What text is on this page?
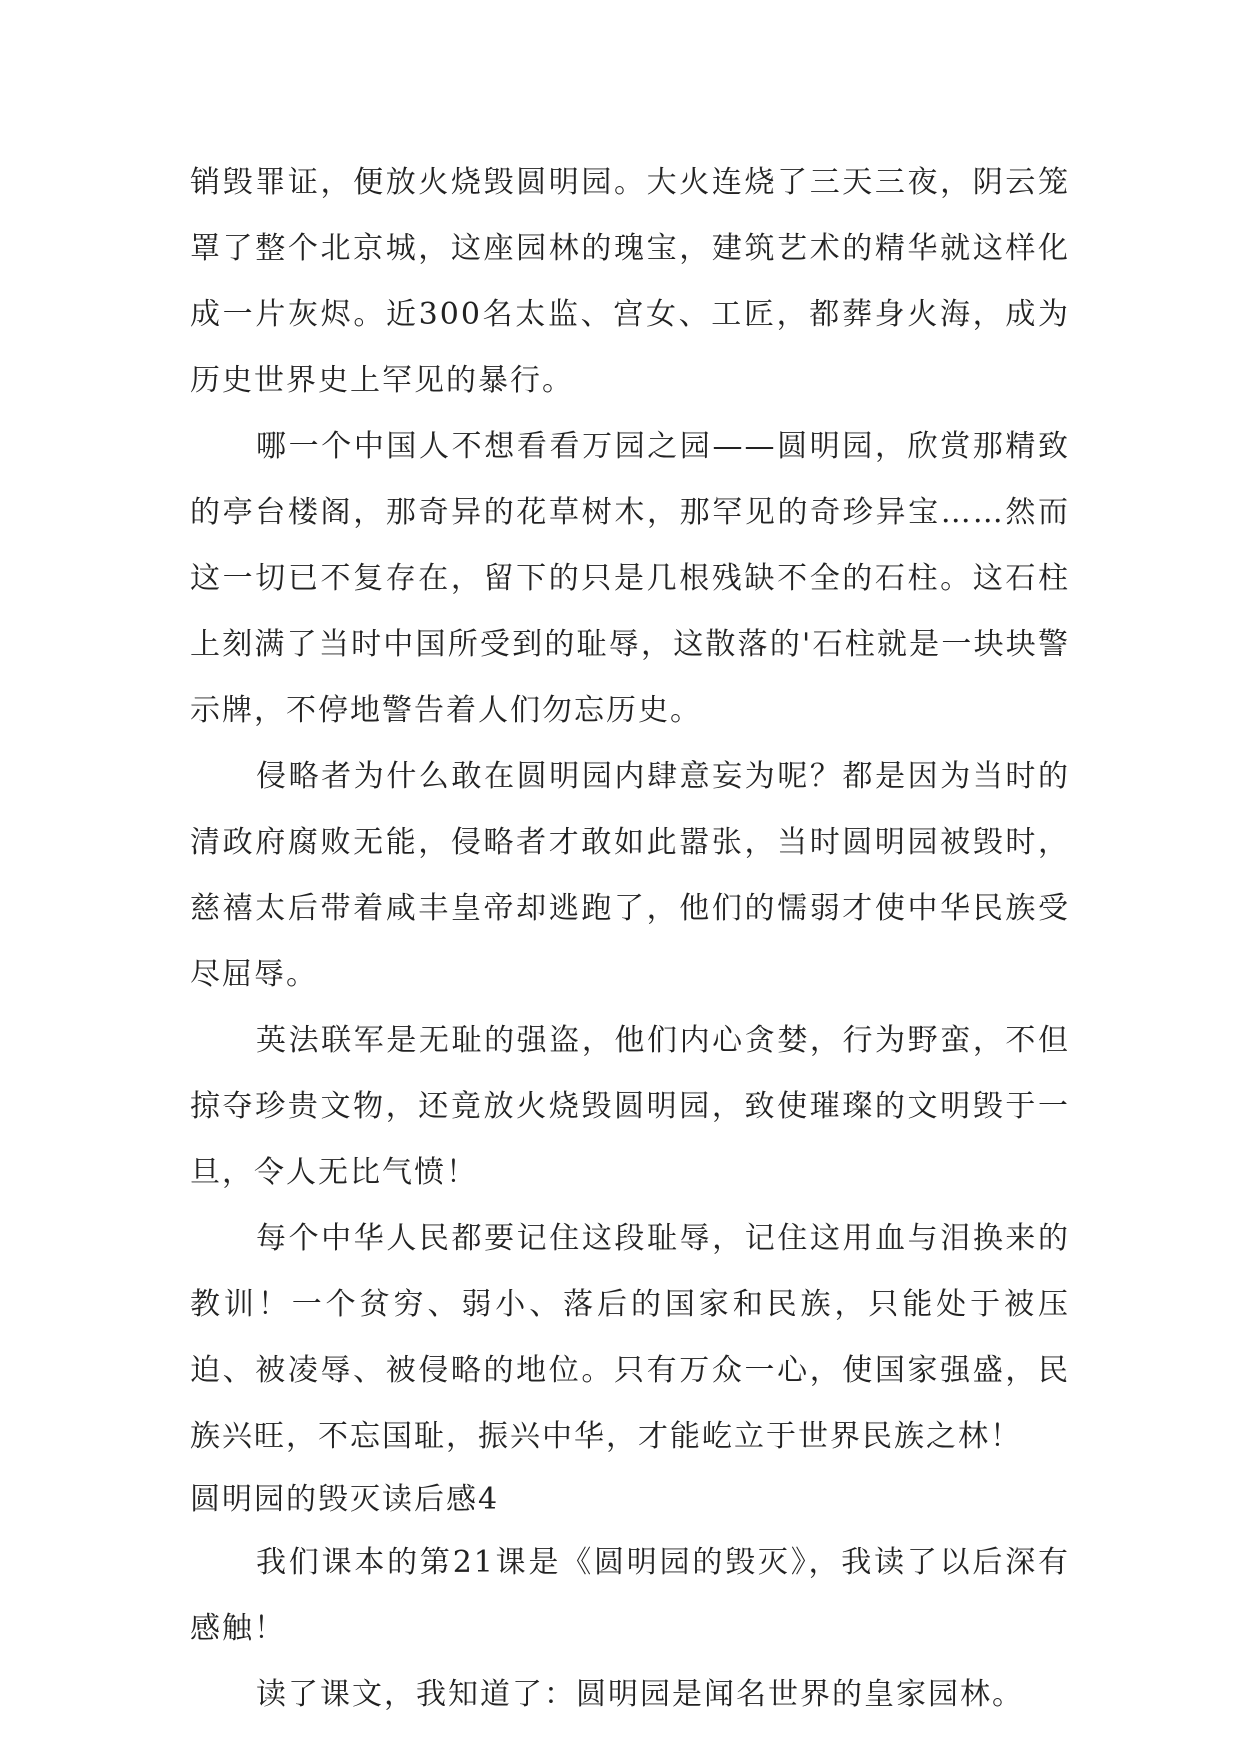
销毁罪证，便放火烧毁圆明园。大火连烧了三天三夜，阴云笼罩了整个北京城，这座园林的瑰宝，建筑艺术的精华就这样化成一片灰烬。近300名太监、宫女、工匠，都葬身火海，成为历史世界史上罕见的暴行。

哪一个中国人不想看看万园之园——圆明园，欣赏那精致的亭台楼阁，那奇异的花草树木，那罕见的奇珍异宝……然而这一切已不复存在，留下的只是几根残缺不全的石柱。这石柱上刻满了当时中国所受到的耻辱，这散落的'石柱就是一块块警示牌，不停地警告着人们勿忘历史。

侵略者为什么敢在圆明园内肆意妄为呢？都是因为当时的清政府腐败无能，侵略者才敢如此嚣张，当时圆明园被毁时，慈禧太后带着咸丰皇帝却逃跑了，他们的懦弱才使中华民族受尽屈辱。

英法联军是无耻的强盗，他们内心贪婪，行为野蛮，不但掠夺珍贵文物，还竟放火烧毁圆明园，致使璀璨的文明毁于一旦，令人无比气愤！

每个中华人民都要记住这段耻辱，记住这用血与泪换来的教训！一个贫穷、弱小、落后的国家和民族，只能处于被压迫、被凌辱、被侵略的地位。只有万众一心，使国家强盛，民族兴旺，不忘国耻，振兴中华，才能屹立于世界民族之林！

圆明园的毁灭读后感4

我们课本的第21课是《圆明园的毁灭》，我读了以后深有感触！

读了课文，我知道了：圆明园是闻名世界的皇家园林。
